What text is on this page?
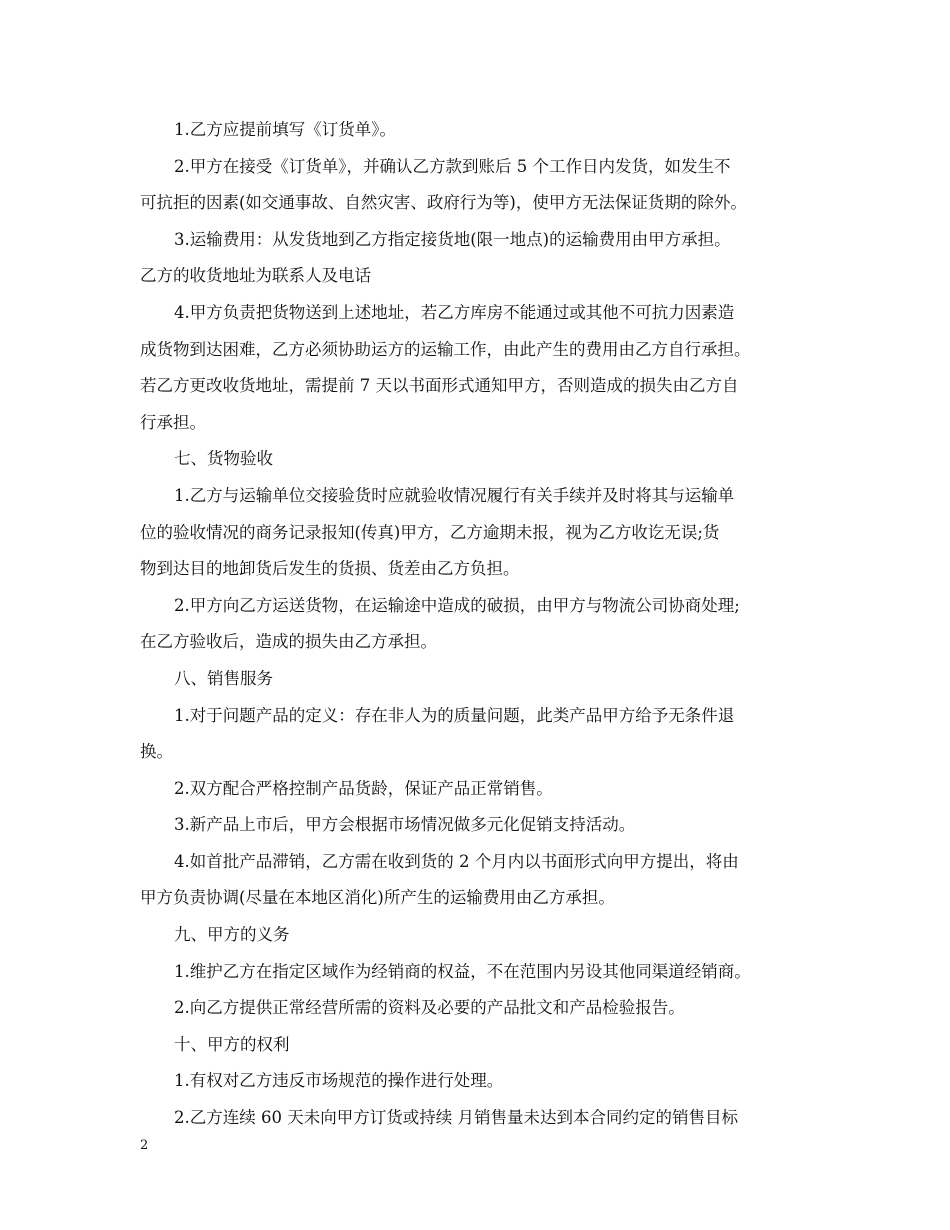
1.乙方应提前填写《订货单》。
2.甲方在接受《订货单》，并确认乙方款到账后 5 个工作日内发货，如发生不
可抗拒的因素(如交通事故、自然灾害、政府行为等)，使甲方无法保证货期的除外。
3.运输费用：从发货地到乙方指定接货地(限一地点)的运输费用由甲方承担。
乙方的收货地址为联系人及电话
4.甲方负责把货物送到上述地址，若乙方库房不能通过或其他不可抗力因素造
成货物到达困难，乙方必须协助运方的运输工作，由此产生的费用由乙方自行承担。
若乙方更改收货地址，需提前 7 天以书面形式通知甲方，否则造成的损失由乙方自
行承担。
七、货物验收
1.乙方与运输单位交接验货时应就验收情况履行有关手续并及时将其与运输单
位的验收情况的商务记录报知(传真)甲方，乙方逾期未报，视为乙方收讫无误;货
物到达目的地卸货后发生的货损、货差由乙方负担。
2.甲方向乙方运送货物，在运输途中造成的破损，由甲方与物流公司协商处理;
在乙方验收后，造成的损失由乙方承担。
八、销售服务
1.对于问题产品的定义：存在非人为的质量问题，此类产品甲方给予无条件退
换。
2.双方配合严格控制产品货龄，保证产品正常销售。
3.新产品上市后，甲方会根据市场情况做多元化促销支持活动。
4.如首批产品滞销，乙方需在收到货的 2 个月内以书面形式向甲方提出，将由
甲方负责协调(尽量在本地区消化)所产生的运输费用由乙方承担。
九、甲方的义务
1.维护乙方在指定区域作为经销商的权益，不在范围内另设其他同渠道经销商。
2.向乙方提供正常经营所需的资料及必要的产品批文和产品检验报告。
十、甲方的权利
1.有权对乙方违反市场规范的操作进行处理。
2.乙方连续 60 天未向甲方订货或持续 月销售量未达到本合同约定的销售目标
2
